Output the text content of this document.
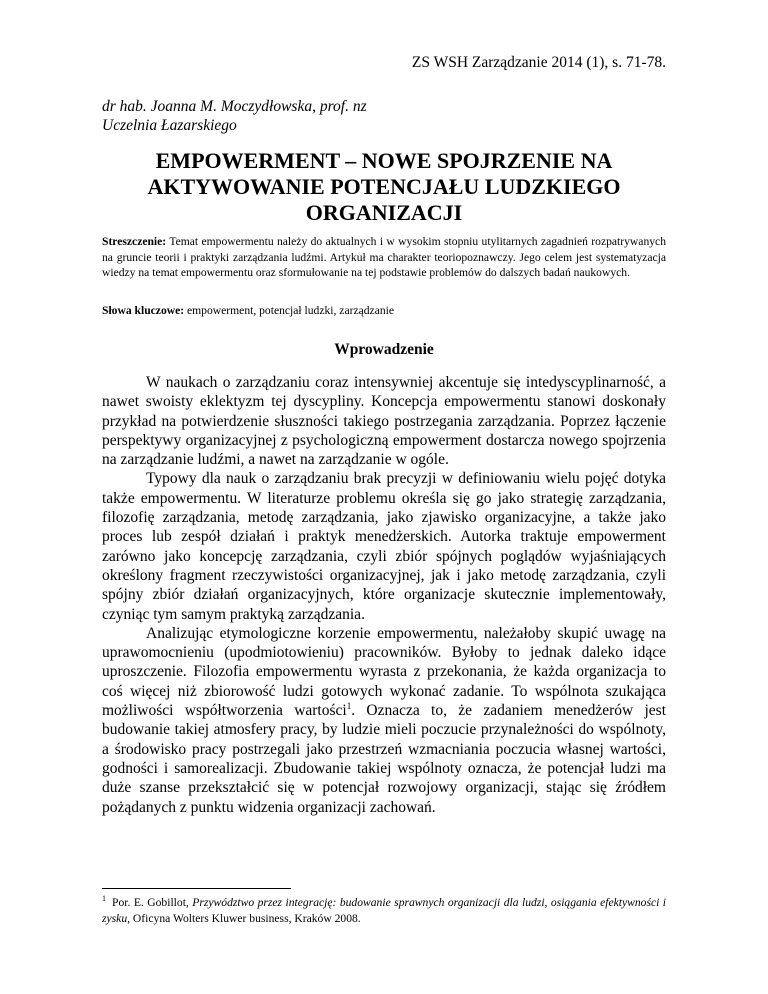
ZS WSH Zarządzanie 2014 (1), s. 71-78.
dr hab. Joanna M. Moczydłowska, prof. nz
Uczelnia Łazarskiego
EMPOWERMENT – NOWE SPOJRZENIE NA
AKTYWOWANIE POTENCJAŁU LUDZKIEGO
ORGANIZACJI
Streszczenie: Temat empowermentu należy do aktualnych i w wysokim stopniu utylitarnych zagadnień rozpatrywanych na gruncie teorii i praktyki zarządzania ludźmi. Artykuł ma charakter teoriopoznawczy. Jego celem jest systematyzacja wiedzy na temat empowermentu oraz sformułowanie na tej podstawie problemów do dalszych badań naukowych.
Słowa kluczowe: empowerment, potencjał ludzki, zarządzanie
Wprowadzenie

W naukach o zarządzaniu coraz intensywniej akcentuje się intedyscyplinarność, a nawet swoisty eklektyzm tej dyscypliny. Koncepcja empowermentu stanowi doskonały przykład na potwierdzenie słuszności takiego postrzegania zarządzania. Poprzez łączenie perspektywy organizacyjnej z psychologiczną empowerment dostarcza nowego spojrzenia na zarządzanie ludźmi, a nawet na zarządzanie w ogóle.

Typowy dla nauk o zarządzaniu brak precyzji w definiowaniu wielu pojęć dotyka także empowermentu. W literaturze problemu określa się go jako strategię zarządzania, filozofię zarządzania, metodę zarządzania, jako zjawisko organizacyjne, a także jako proces lub zespół działań i praktyk menedżerskich. Autorka traktuje empowerment zarówno jako koncepcję zarządzania, czyli zbiór spójnych poglądów wyjaśniających określony fragment rzeczywistości organizacyjnej, jak i jako metodę zarządzania, czyli spójny zbiór działań organizacyjnych, które organizacje skutecznie implementowały, czyniąc tym samym praktyką zarządzania.

Analizując etymologiczne korzenie empowermentu, należałoby skupić uwagę na uprawomocnieniu (upodmiotowieniu) pracowników. Byłoby to jednak daleko idące uproszczenie. Filozofia empowermentu wyrasta z przekonania, że każda organizacja to coś więcej niż zbiorowość ludzi gotowych wykonać zadanie. To wspólnota szukająca możliwości współtworzenia wartości$^1$. Oznacza to, że zadaniem menedżerów jest budowanie takiej atmosfery pracy, by ludzie mieli poczucie przynależności do wspólnoty, a środowisko pracy postrzegali jako przestrzeń wzmacniania poczucia własnej wartości, godności i samorealizacji. Zbudowanie takiej wspólnoty oznacza, że potencjał ludzi ma duże szanse przekształcić się w potencjał rozwojowy organizacji, stając się źródłem pożądanych z punktu widzenia organizacji zachowań.

$^1$ Por. E. Gobillot, Przywództwo przez integrację: budowanie sprawnych organizacji dla ludzi, osiągania efektywności i zysku, Oficyna Wolters Kluwer business, Kraków 2008.
